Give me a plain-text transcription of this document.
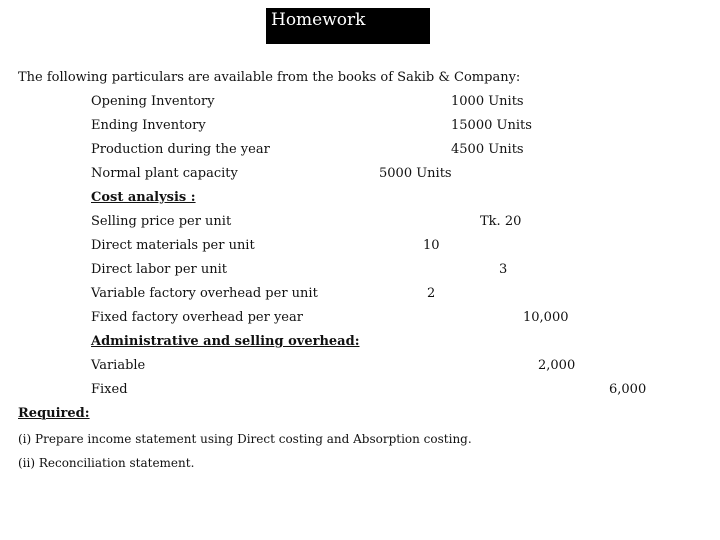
Homework
The following particulars are available from the books of Sakib & Company:
Opening Inventory	1000 Units
Ending Inventory	15000 Units
Production during the year	4500 Units
Normal plant capacity	5000 Units
Cost analysis :
Selling price per unit	Tk. 20
Direct materials per unit	10
Direct labor per unit	3
Variable factory overhead per unit	2
Fixed factory overhead per year	10,000
Administrative and selling overhead:
Variable	2,000
Fixed	6,000
Required:
(i) Prepare income statement using Direct costing and Absorption costing.
(ii) Reconciliation statement.
